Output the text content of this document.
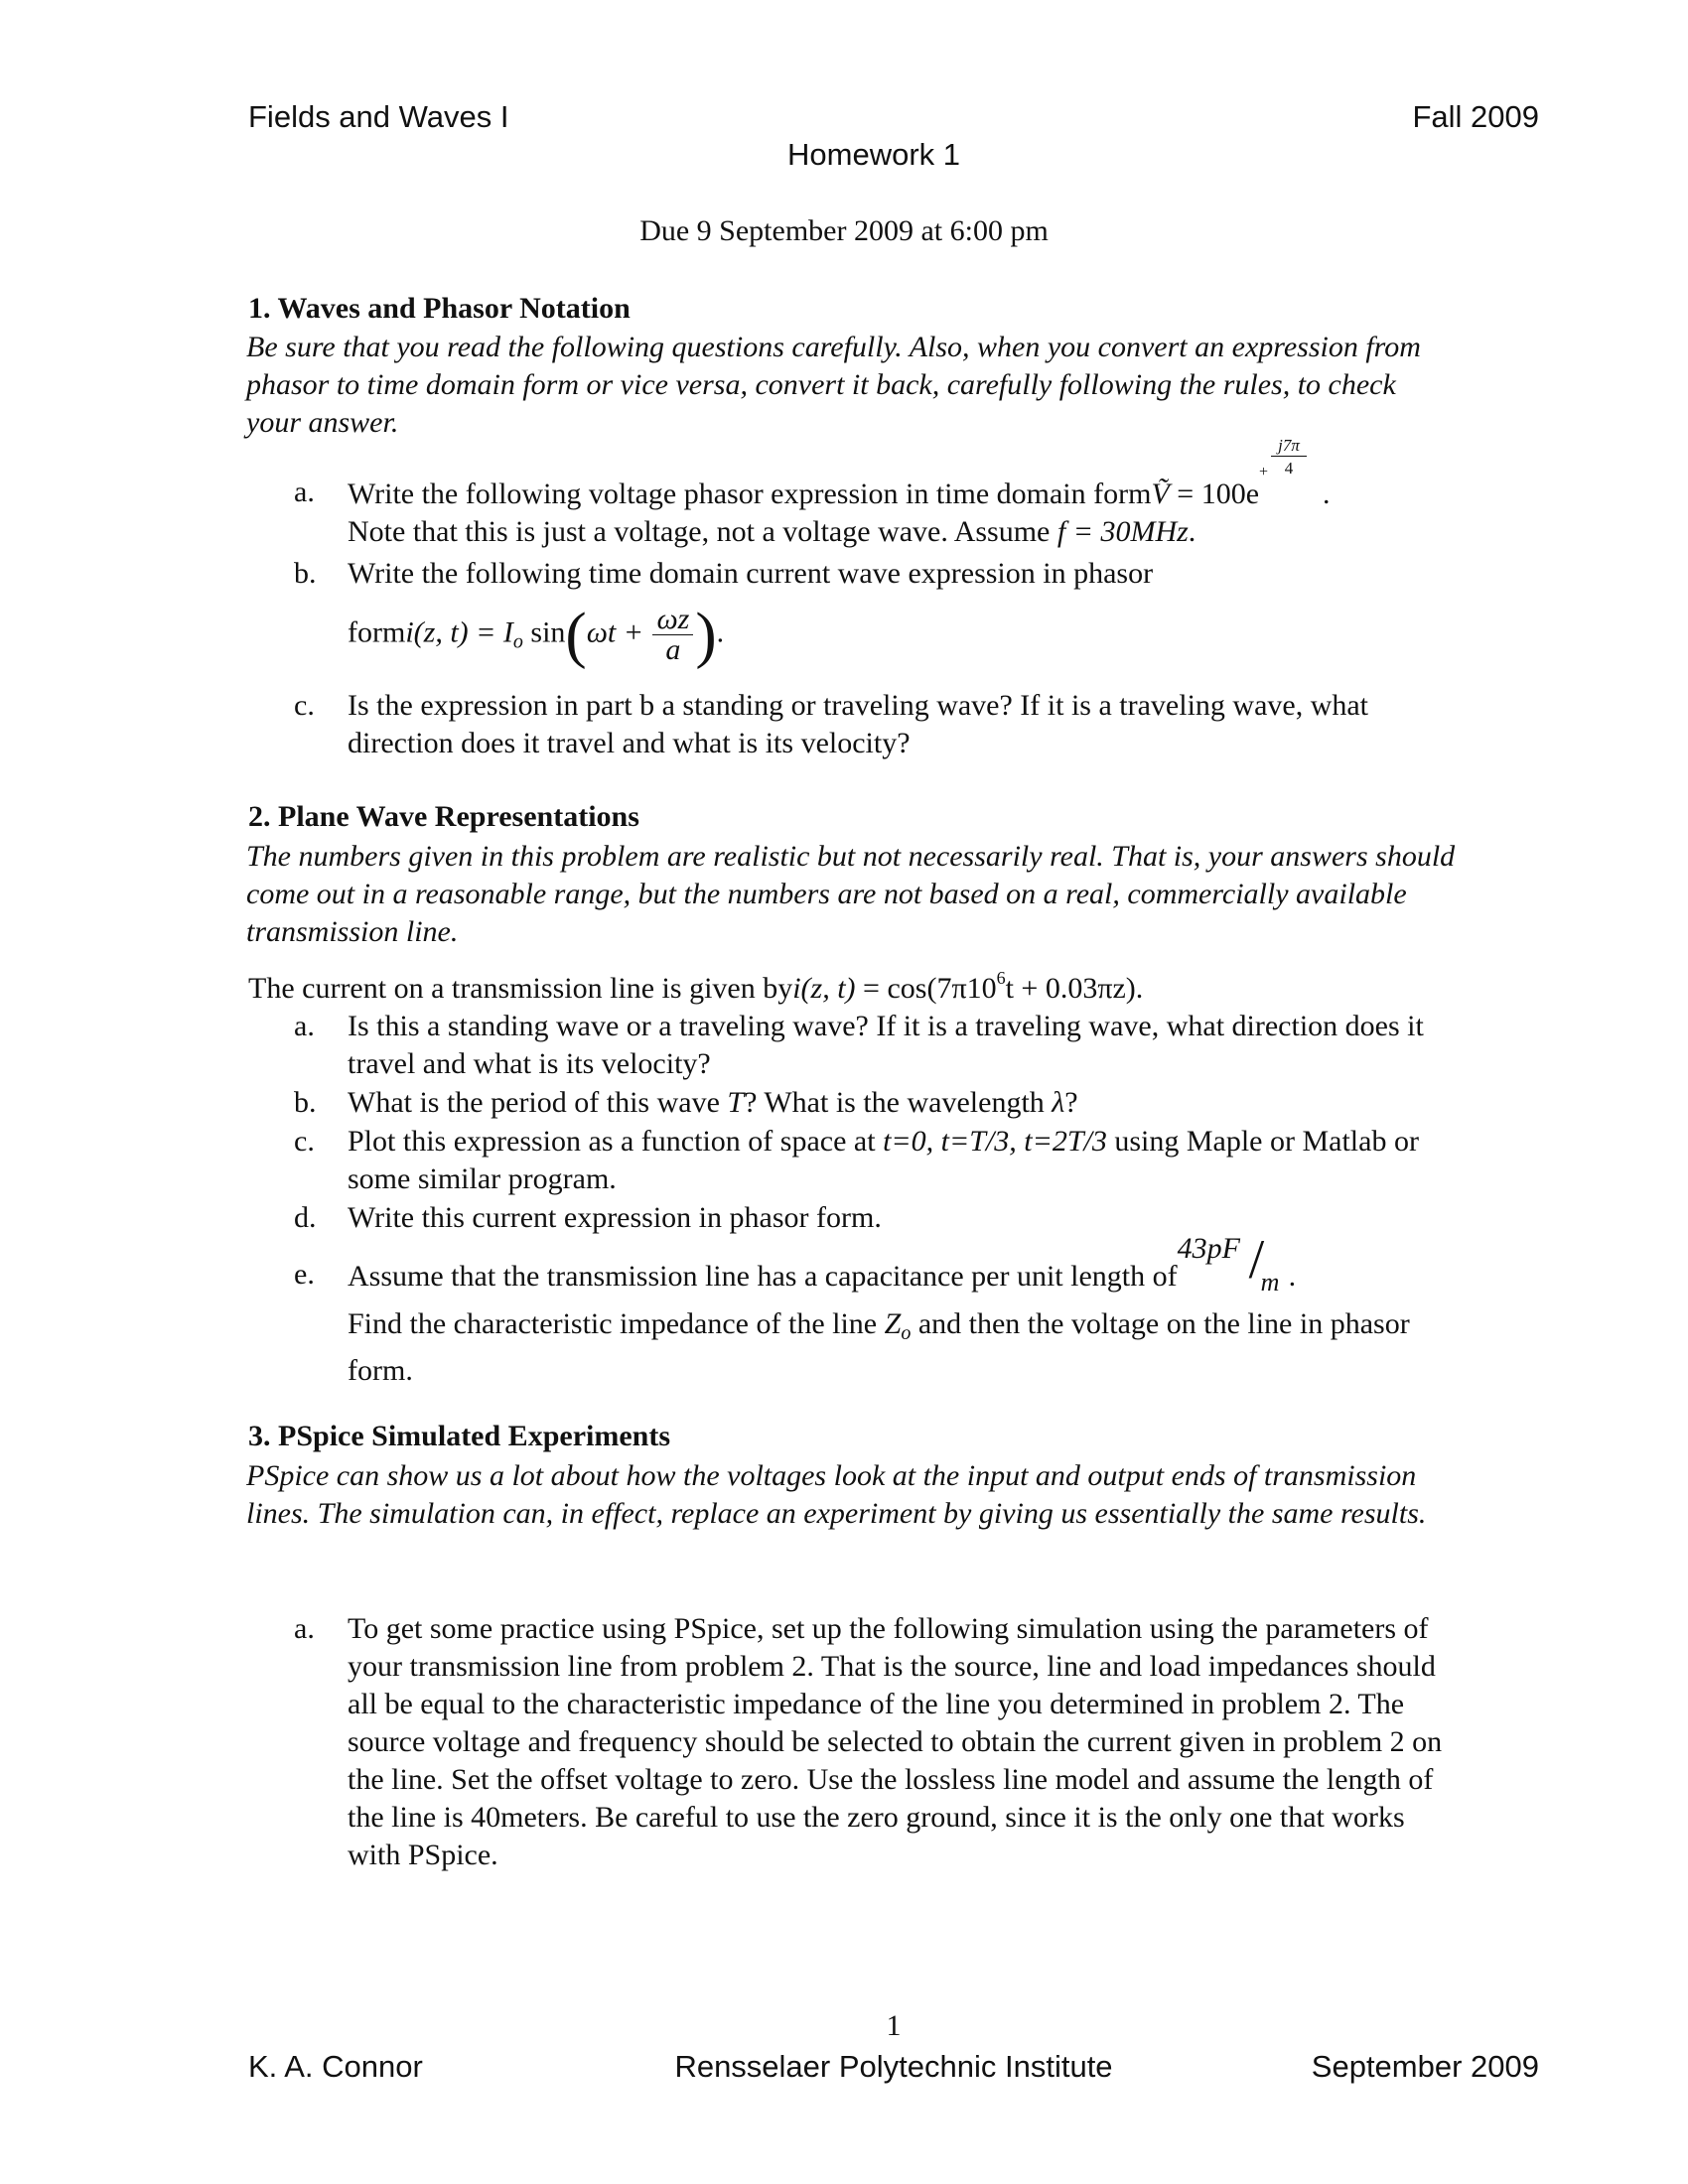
Fields and Waves I	Fall 2009
Homework 1
Due 9 September 2009 at 6:00 pm
1. Waves and Phasor Notation
Be sure that you read the following questions carefully. Also, when you convert an expression from phasor to time domain form or vice versa, convert it back, carefully following the rules, to check your answer.
a. Write the following voltage phasor expression in time domain formṼ = 100e
+
j7π
4
.
Note that this is just a voltage, not a voltage wave. Assume f = 30MHz.
b. Write the following time domain current wave expression in phasor
formi(z, $t) = I_o$ $\sin(\omega t + \frac{\omega z}{a}$ ).
c. Is the expression in part b a standing or traveling wave? If it is a traveling wave, what direction does it travel and what is its velocity?
2. Plane Wave Representations
The numbers given in this problem are realistic but not necessarily real. That is, your answers should come out in a reasonable range, but the numbers are not based on a real, commercially available transmission line.
The current on a transmission line is given byi(z, $t) = \cos(7\pi 10^6t + 0.03\pi z)$.
a. Is this a standing wave or a traveling wave? If it is a traveling wave, what direction does it travel and what is its velocity?
b. What is the period of this wave T? What is the wavelength λ?
c. Plot this expression as a function of space at t=0, t=T/3, t=2T/3 using Maple or Matlab or some similar program.
d. Write this current expression in phasor form.
e. Assume that the transmission line has a capacitance per unit length of
43pF /
m .

Find the characteristic impedance of the line $Z_o$ and then the voltage on the line in phasor form.
3. PSpice Simulated Experiments
PSpice can show us a lot about how the voltages look at the input and output ends of transmission lines. The simulation can, in effect, replace an experiment by giving us essentially the same results.
a. To get some practice using PSpice, set up the following simulation using the parameters of your transmission line from problem 2. That is the source, line and load impedances should all be equal to the characteristic impedance of the line you determined in problem 2. The source voltage and frequency should be selected to obtain the current given in problem 2 on the line. Set the offset voltage to zero. Use the lossless line model and assume the length of the line is 40meters. Be careful to use the zero ground, since it is the only one that works with PSpice.
1
K. A. Connor	Rensselaer Polytechnic Institute	September 2009
